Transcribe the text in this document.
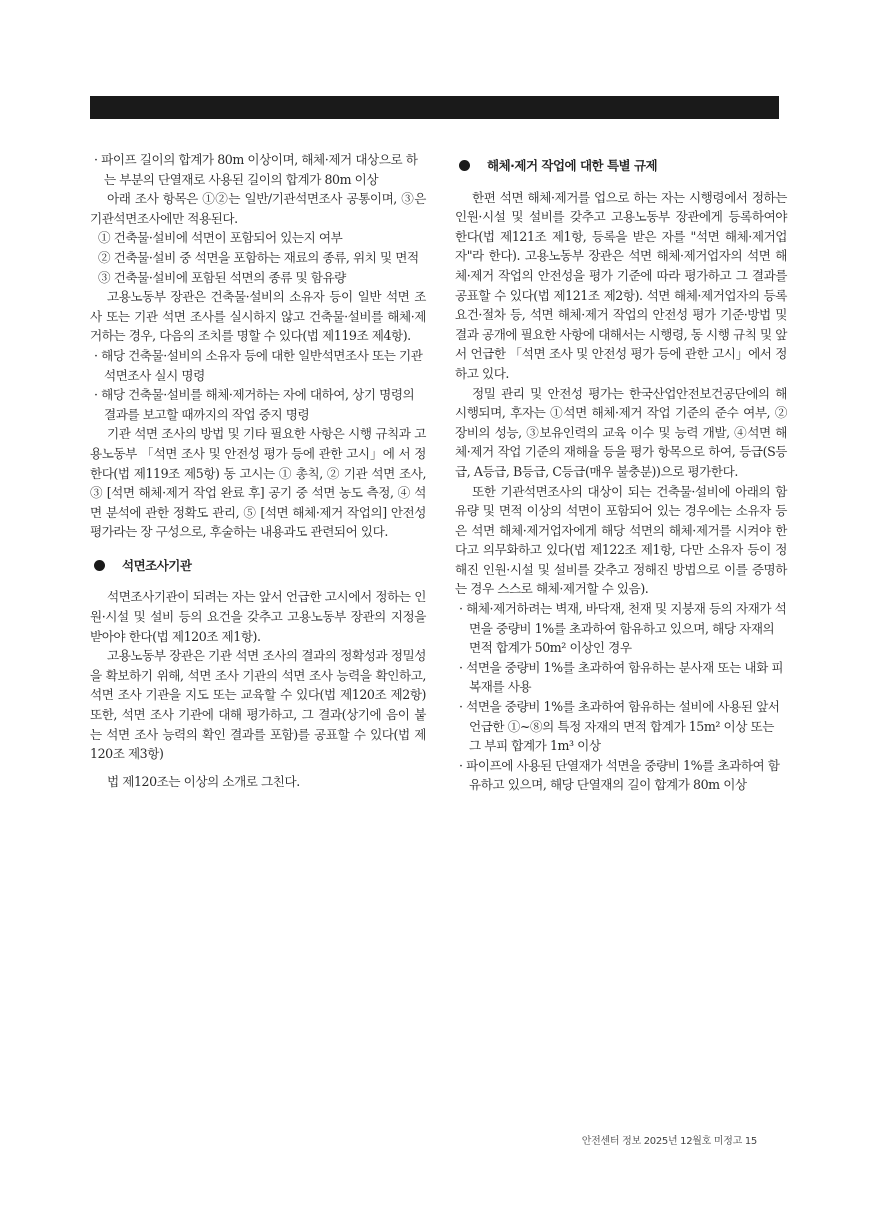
· 파이프 길이의 합계가 80m 이상이며, 해체·제거 대상으로 하는 부분의 단열재로 사용된 길이의 합계가 80m 이상

아래 조사 항목은 ①②는 일반/기관석면조사 공통이며, ③은 기관석면조사에만 적용된다.

① 건축물·설비에 석면이 포함되어 있는지 여부

② 건축물·설비 중 석면을 포함하는 재료의 종류, 위치 및 면적

③ 건축물·설비에 포함된 석면의 종류 및 함유량

고용노동부 장관은 건축물·설비의 소유자 등이 일반 석면 조사 또는 기관 석면 조사를 실시하지 않고 건축물·설비를 해체·제거하는 경우, 다음의 조치를 명할 수 있다(법 제119조 제4항).

· 해당 건축물·설비의 소유자 등에 대한 일반석면조사 또는 기관석면조사 실시 명령

· 해당 건축물·설비를 해체·제거하는 자에 대하여, 상기 명령의 결과를 보고할 때까지의 작업 중지 명령

기관 석면 조사의 방법 및 기타 필요한 사항은 시행 규칙과 고용노동부 「석면 조사 및 안전성 평가 등에 관한 고시」에 서 정한다(법 제119조 제5항) 동 고시는 ① 총칙, ② 기관 석면 조사, ③ [석면 해체·제거 작업 완료 후] 공기 중 석면 농도 측정, ④ 석면 분석에 관한 정확도 관리, ⑤ [석면 해체·제거 작업의] 안전성 평가라는 장 구성으로, 후술하는 내용과도 관련되어 있다.

석면조사기관

석면조사기관이 되려는 자는 앞서 언급한 고시에서 정하는 인원·시설 및 설비 등의 요건을 갖추고 고용노동부 장관의 지정을 받아야 한다(법 제120조 제1항).

고용노동부 장관은 기관 석면 조사의 결과의 정확성과 정밀성을 확보하기 위해, 석면 조사 기관의 석면 조사 능력을 확인하고, 석면 조사 기관을 지도 또는 교육할 수 있다(법 제120조 제2항) 또한, 석면 조사 기관에 대해 평가하고, 그 결과(상기에 음이 붙는 석면 조사 능력의 확인 결과를 포함)를 공표할 수 있다(법 제120조 제3항)

법 제120조는 이상의 소개로 그친다.

해체·제거 작업에 대한 특별 규제

한편 석면 해체·제거를 업으로 하는 자는 시행령에서 정하는 인원·시설 및 설비를 갖추고 고용노동부 장관에게 등록하여야 한다(법 제121조 제1항, 등록을 받은 자를 "석면 해체·제거업자"라 한다). 고용노동부 장관은 석면 해체·제거업자의 석면 해체·제거 작업의 안전성을 평가 기준에 따라 평가하고 그 결과를 공표할 수 있다(법 제121조 제2항). 석면 해체·제거업자의 등록 요건·절차 등, 석면 해체·제거 작업의 안전성 평가 기준·방법 및 결과 공개에 필요한 사항에 대해서는 시행령, 동 시행 규칙 및 앞서 언급한 「석면 조사 및 안전성 평가 등에 관한 고시」에서 정하고 있다.

정밀 관리 및 안전성 평가는 한국산업안전보건공단에의 해 시행되며, 후자는 ①석면 해체·제거 작업 기준의 준수 여부, ②장비의 성능, ③보유인력의 교육 이수 및 능력 개발, ④석면 해체·제거 작업 기준의 재해율 등을 평가 항목으로 하여, 등급(S등급, A등급, B등급, C등급(매우 불충분))으로 평가한다.

또한 기관석면조사의 대상이 되는 건축물·설비에 아래의 함유량 및 면적 이상의 석면이 포함되어 있는 경우에는 소유자 등은 석면 해체·제거업자에게 해당 석면의 해체·제거를 시켜야 한다고 의무화하고 있다(법 제122조 제1항, 다만 소유자 등이 정해진 인원·시설 및 설비를 갖추고 정해진 방법으로 이를 증명하는 경우 스스로 해체·제거할 수 있음).

· 해체·제거하려는 벽재, 바닥재, 천재 및 지붕재 등의 자재가 석면을 중량비 1%를 초과하여 함유하고 있으며, 해당 자재의 면적 합계가 50m² 이상인 경우

· 석면을 중량비 1%를 초과하여 함유하는 분사재 또는 내화 피복재를 사용

· 석면을 중량비 1%를 초과하여 함유하는 설비에 사용된 앞서 언급한 ①~⑧의 특정 자재의 면적 합계가 15m² 이상 또는 그 부피 합계가 1m³ 이상

· 파이프에 사용된 단열재가 석면을 중량비 1%를 초과하여 함유하고 있으며, 해당 단열재의 길이 합계가 80m 이상

안전센터 정보 2025년 12월호 미정고 15
